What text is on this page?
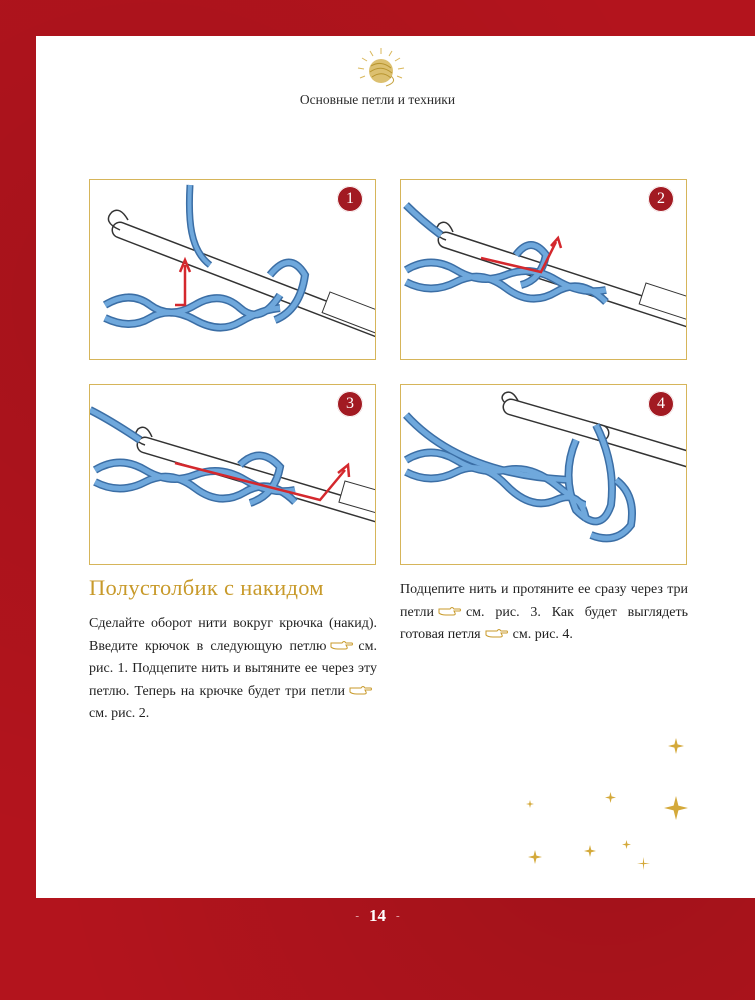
Основные петли и техники
1	2
3	4
Полустолбик с накидом
Сделайте оборот нити вокруг крючка (накид). Введите крючок в следующую петлю см. рис. 1. Подцепите нить и вытяните ее через эту петлю. Теперь на крючке будет три петлисм. рис. 2.
Подцепите нить и протяните ее сразу через три петли см. рис. 3. Как будет выглядеть готовая петля см. рис. 4.
- 14 -
